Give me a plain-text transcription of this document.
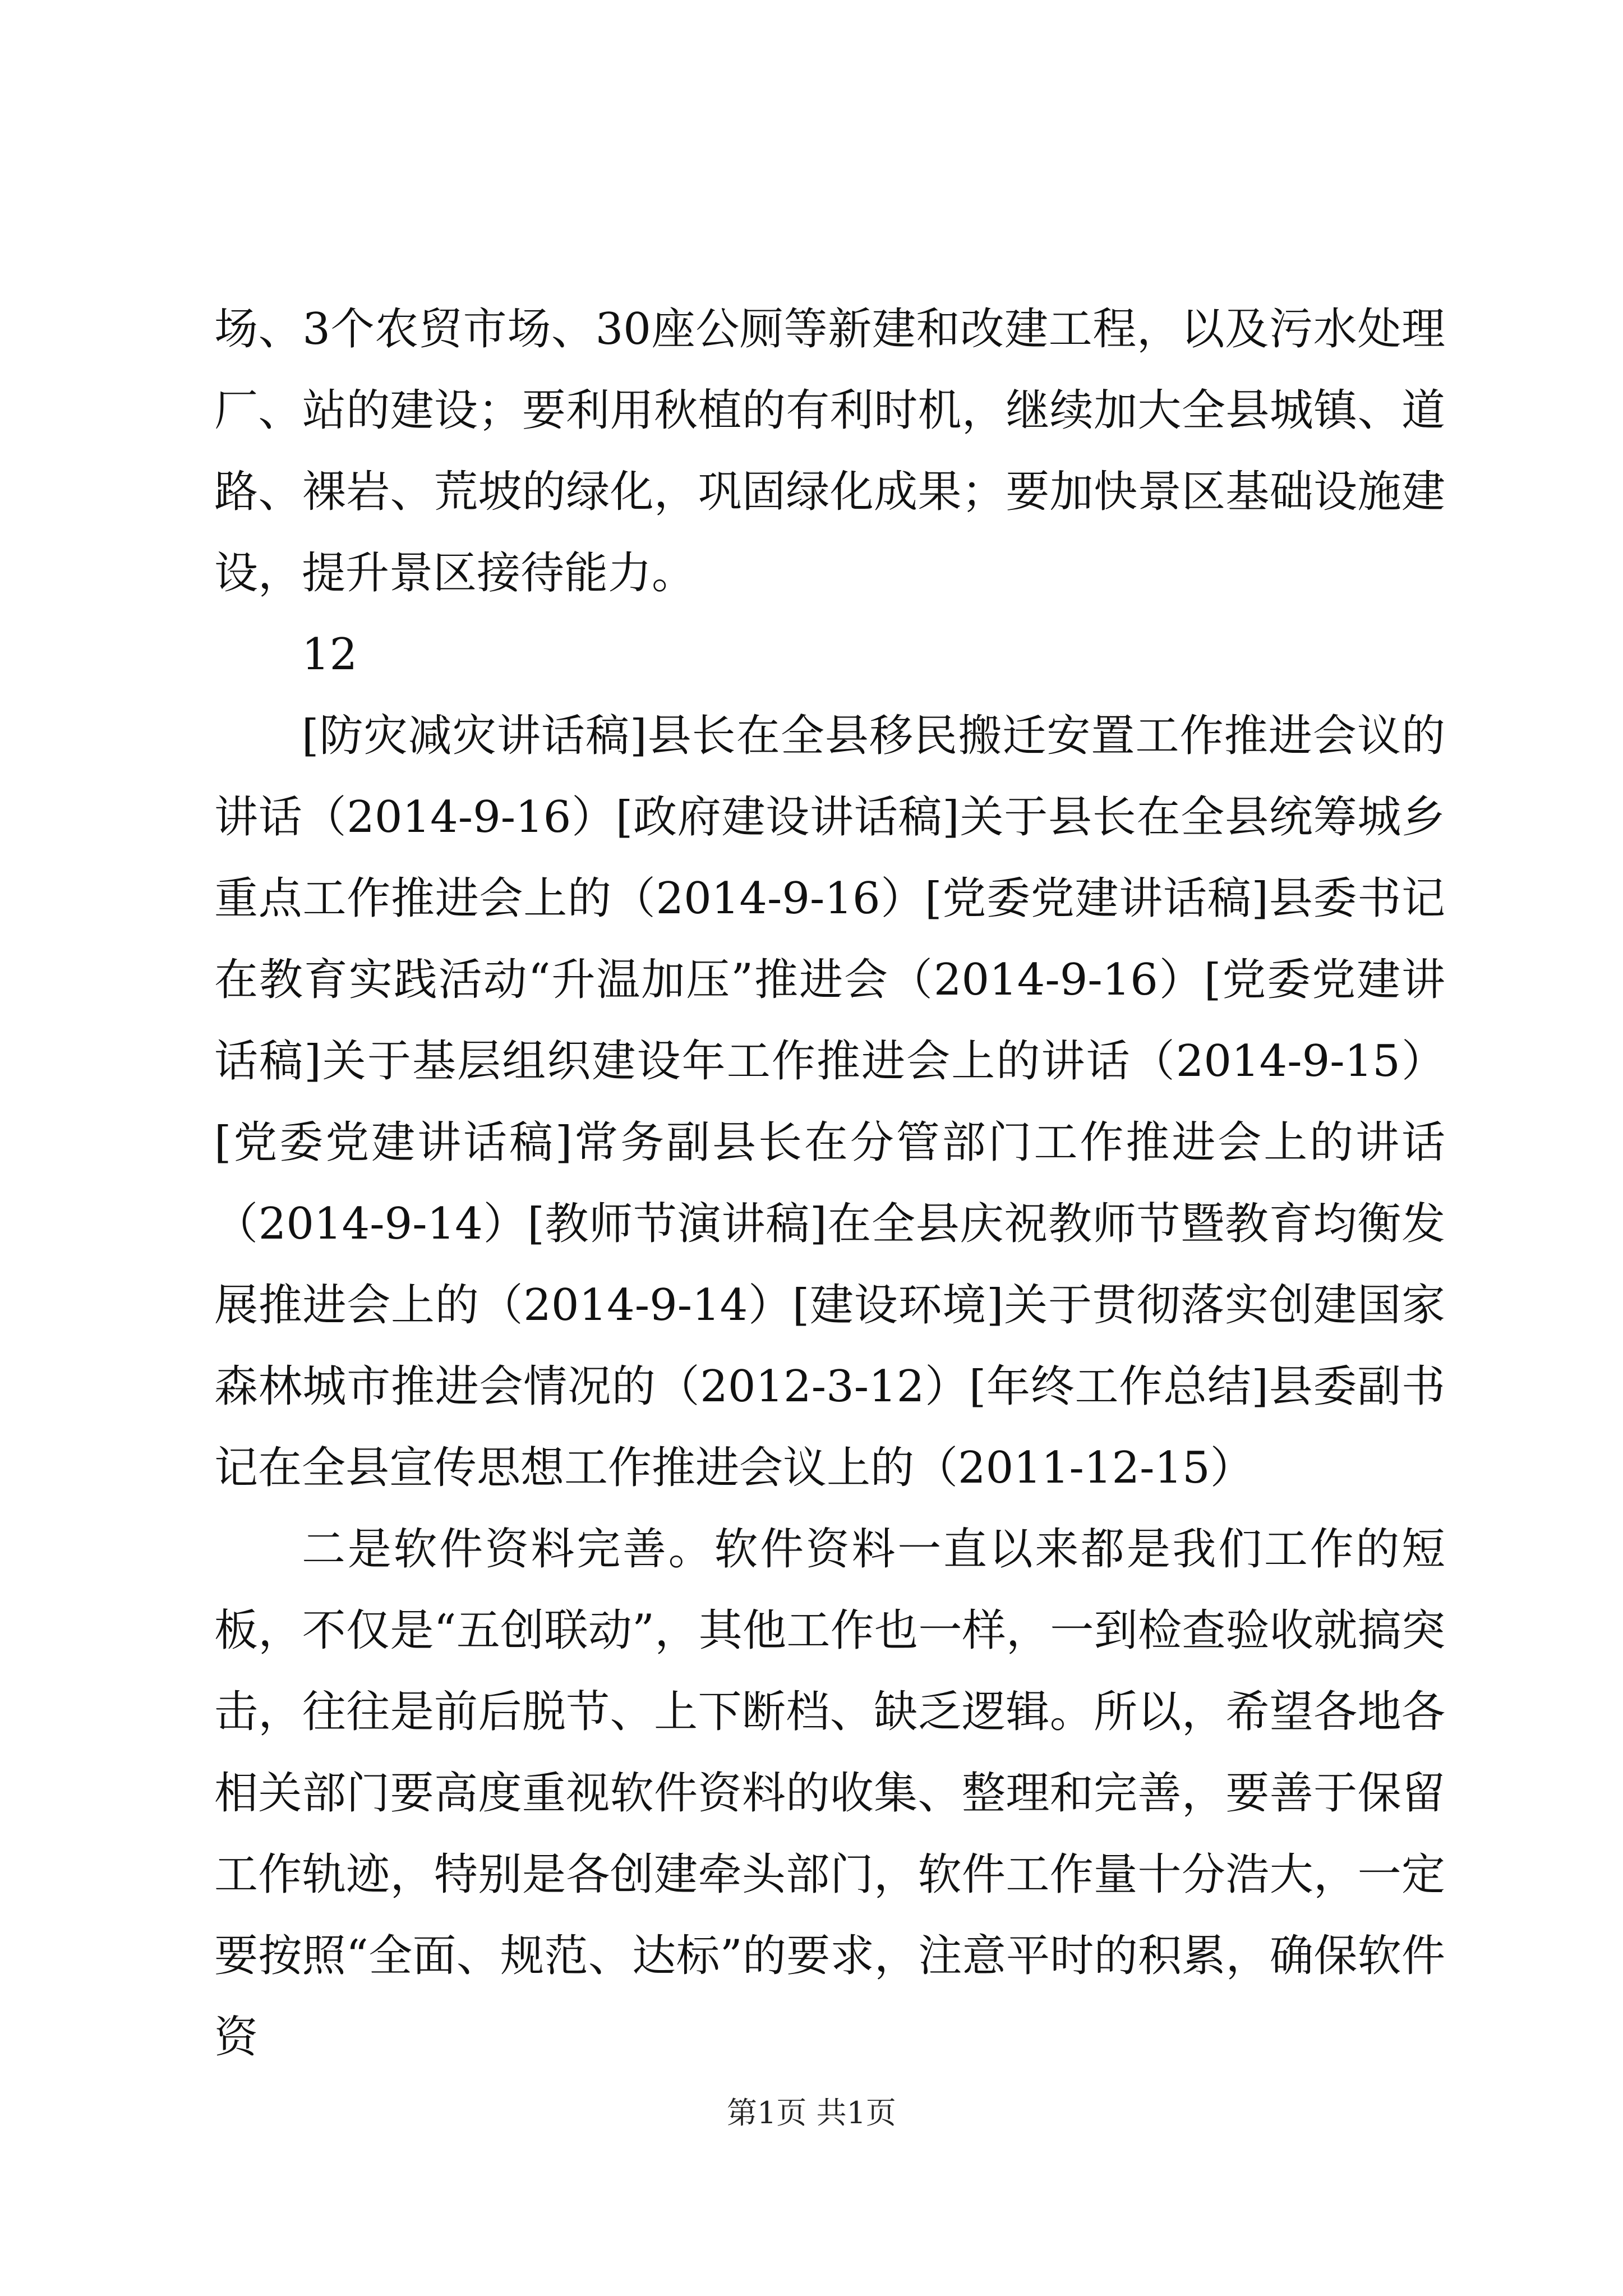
场、3个农贸市场、30座公厕等新建和改建工程，以及污水处理厂、站的建设；要利用秋植的有利时机，继续加大全县城镇、道路、裸岩、荒坡的绿化，巩固绿化成果；要加快景区基础设施建设，提升景区接待能力。

12

[防灾减灾讲话稿]县长在全县移民搬迁安置工作推进会议的讲话（2014-9-16）[政府建设讲话稿]关于县长在全县统筹城乡重点工作推进会上的（2014-9-16）[党委党建讲话稿]县委书记在教育实践活动“升温加压”推进会（2014-9-16）[党委党建讲话稿]关于基层组织建设年工作推进会上的讲话（2014-9-15）[党委党建讲话稿]常务副县长在分管部门工作推进会上的讲话（2014-9-14）[教师节演讲稿]在全县庆祝教师节暨教育均衡发展推进会上的（2014-9-14）[建设环境]关于贯彻落实创建国家森林城市推进会情况的（2012-3-12）[年终工作总结]县委副书记在全县宣传思想工作推进会议上的（2011-12-15）

二是软件资料完善。软件资料一直以来都是我们工作的短板，不仅是“五创联动”，其他工作也一样，一到检查验收就搞突击，往往是前后脱节、上下断档、缺乏逻辑。所以，希望各地各相关部门要高度重视软件资料的收集、整理和完善，要善于保留工作轨迹，特别是各创建牵头部门，软件工作量十分浩大，一定要按照“全面、规范、达标”的要求，注意平时的积累，确保软件资

第1页 共1页
